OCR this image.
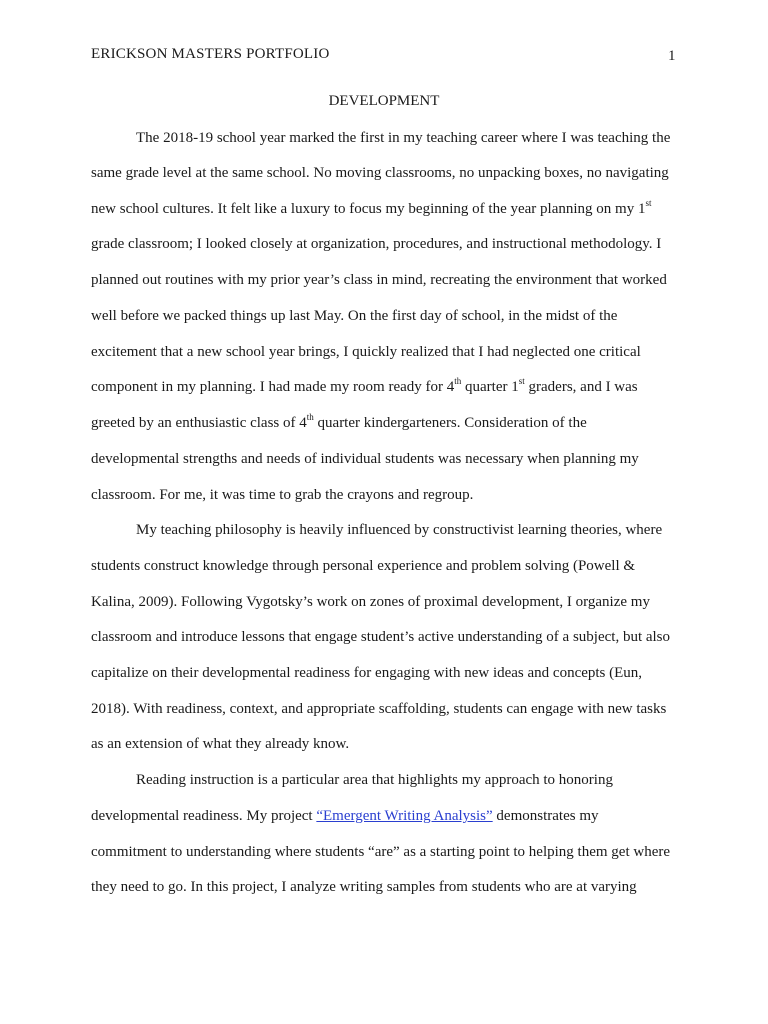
ERICKSON MASTERS PORTFOLIO	1
DEVELOPMENT
The 2018-19 school year marked the first in my teaching career where I was teaching the
same grade level at the same school. No moving classrooms, no unpacking boxes, no navigating
new school cultures. It felt like a luxury to focus my beginning of the year planning on my 1st
grade classroom; I looked closely at organization, procedures, and instructional methodology. I
planned out routines with my prior year’s class in mind, recreating the environment that worked
well before we packed things up last May. On the first day of school, in the midst of the
excitement that a new school year brings, I quickly realized that I had neglected one critical
component in my planning. I had made my room ready for 4th quarter 1st graders, and I was
greeted by an enthusiastic class of 4th quarter kindergarteners. Consideration of the
developmental strengths and needs of individual students was necessary when planning my
classroom. For me, it was time to grab the crayons and regroup.
My teaching philosophy is heavily influenced by constructivist learning theories, where
students construct knowledge through personal experience and problem solving (Powell &
Kalina, 2009). Following Vygotsky’s work on zones of proximal development, I organize my
classroom and introduce lessons that engage student’s active understanding of a subject, but also
capitalize on their developmental readiness for engaging with new ideas and concepts (Eun,
2018). With readiness, context, and appropriate scaffolding, students can engage with new tasks
as an extension of what they already know.
Reading instruction is a particular area that highlights my approach to honoring
developmental readiness. My project “Emergent Writing Analysis” demonstrates my
commitment to understanding where students “are” as a starting point to helping them get where
they need to go. In this project, I analyze writing samples from students who are at varying
